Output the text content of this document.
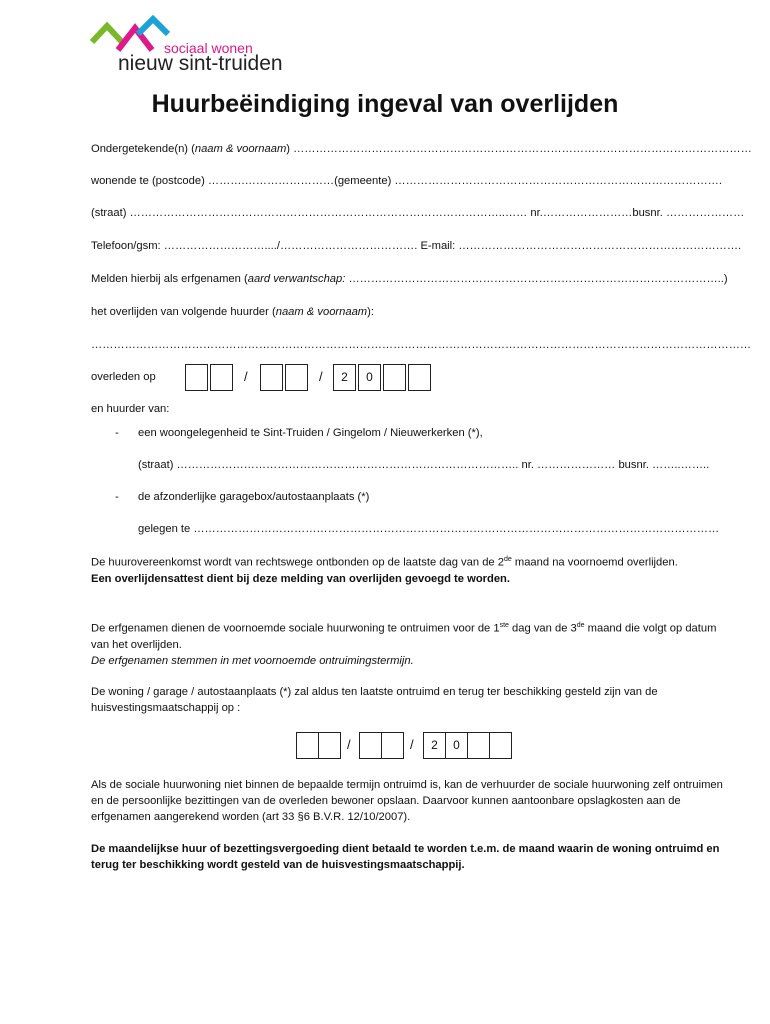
sociaal wonen
nieuw sint-truiden
Huurbeëindiging ingeval van overlijden
Ondergetekende(n) (naam & voornaam) ……………………………………………………………………………………………………………
wonende te (postcode) ……….……………………(gemeente) …………………………………………………………………………….
(straat) ………………………………………………………………………………………..…… nr.……………………busnr. …………………
Telefoon/gsm: ………………………..../………………………………. E-mail: ………………………………………………………………….
Melden hierbij als erfgenamen (aard verwantschap: ………………………………………………………………………………………..)
het overlijden van volgende huurder (naam & voornaam):
……………………………………………………………………………………………………………………………………………………………
overleden op	/	/	2	0
en huurder van:
- een woongelegenheid te Sint-Truiden / Gingelom / Nieuwerkerken (*),
(straat) ……………………………………………………………………………….. nr. ………………… busnr. ……..……..
- de afzonderlijke garagebox/autostaanplaats (*)
gelegen te ……………………………………………………………………………………………………………………………
De huurovereenkomst wordt van rechtswege ontbonden op de laatste dag van de 2de maand na voornoemd overlijden.
Een overlijdensattest dient bij deze melding van overlijden gevoegd te worden.
De erfgenamen dienen de voornoemde sociale huurwoning te ontruimen voor de 1ste dag van de 3de maand die volgt op datum van het overlijden.
De erfgenamen stemmen in met voornoemde ontruimingstermijn.
De woning / garage / autostaanplaats (*) zal aldus ten laatste ontruimd en terug ter beschikking gesteld zijn van de huisvestingsmaatschappij op :
/	/	2	0
Als de sociale huurwoning niet binnen de bepaalde termijn ontruimd is, kan de verhuurder de sociale huurwoning zelf ontruimen en de persoonlijke bezittingen van de overleden bewoner opslaan. Daarvoor kunnen aantoonbare opslagkosten aan de erfgenamen aangerekend worden (art 33 §6 B.V.R. 12/10/2007).
De maandelijkse huur of bezettingsvergoeding dient betaald te worden t.e.m. de maand waarin de woning ontruimd en terug ter beschikking wordt gesteld van de huisvestingsmaatschappij.
